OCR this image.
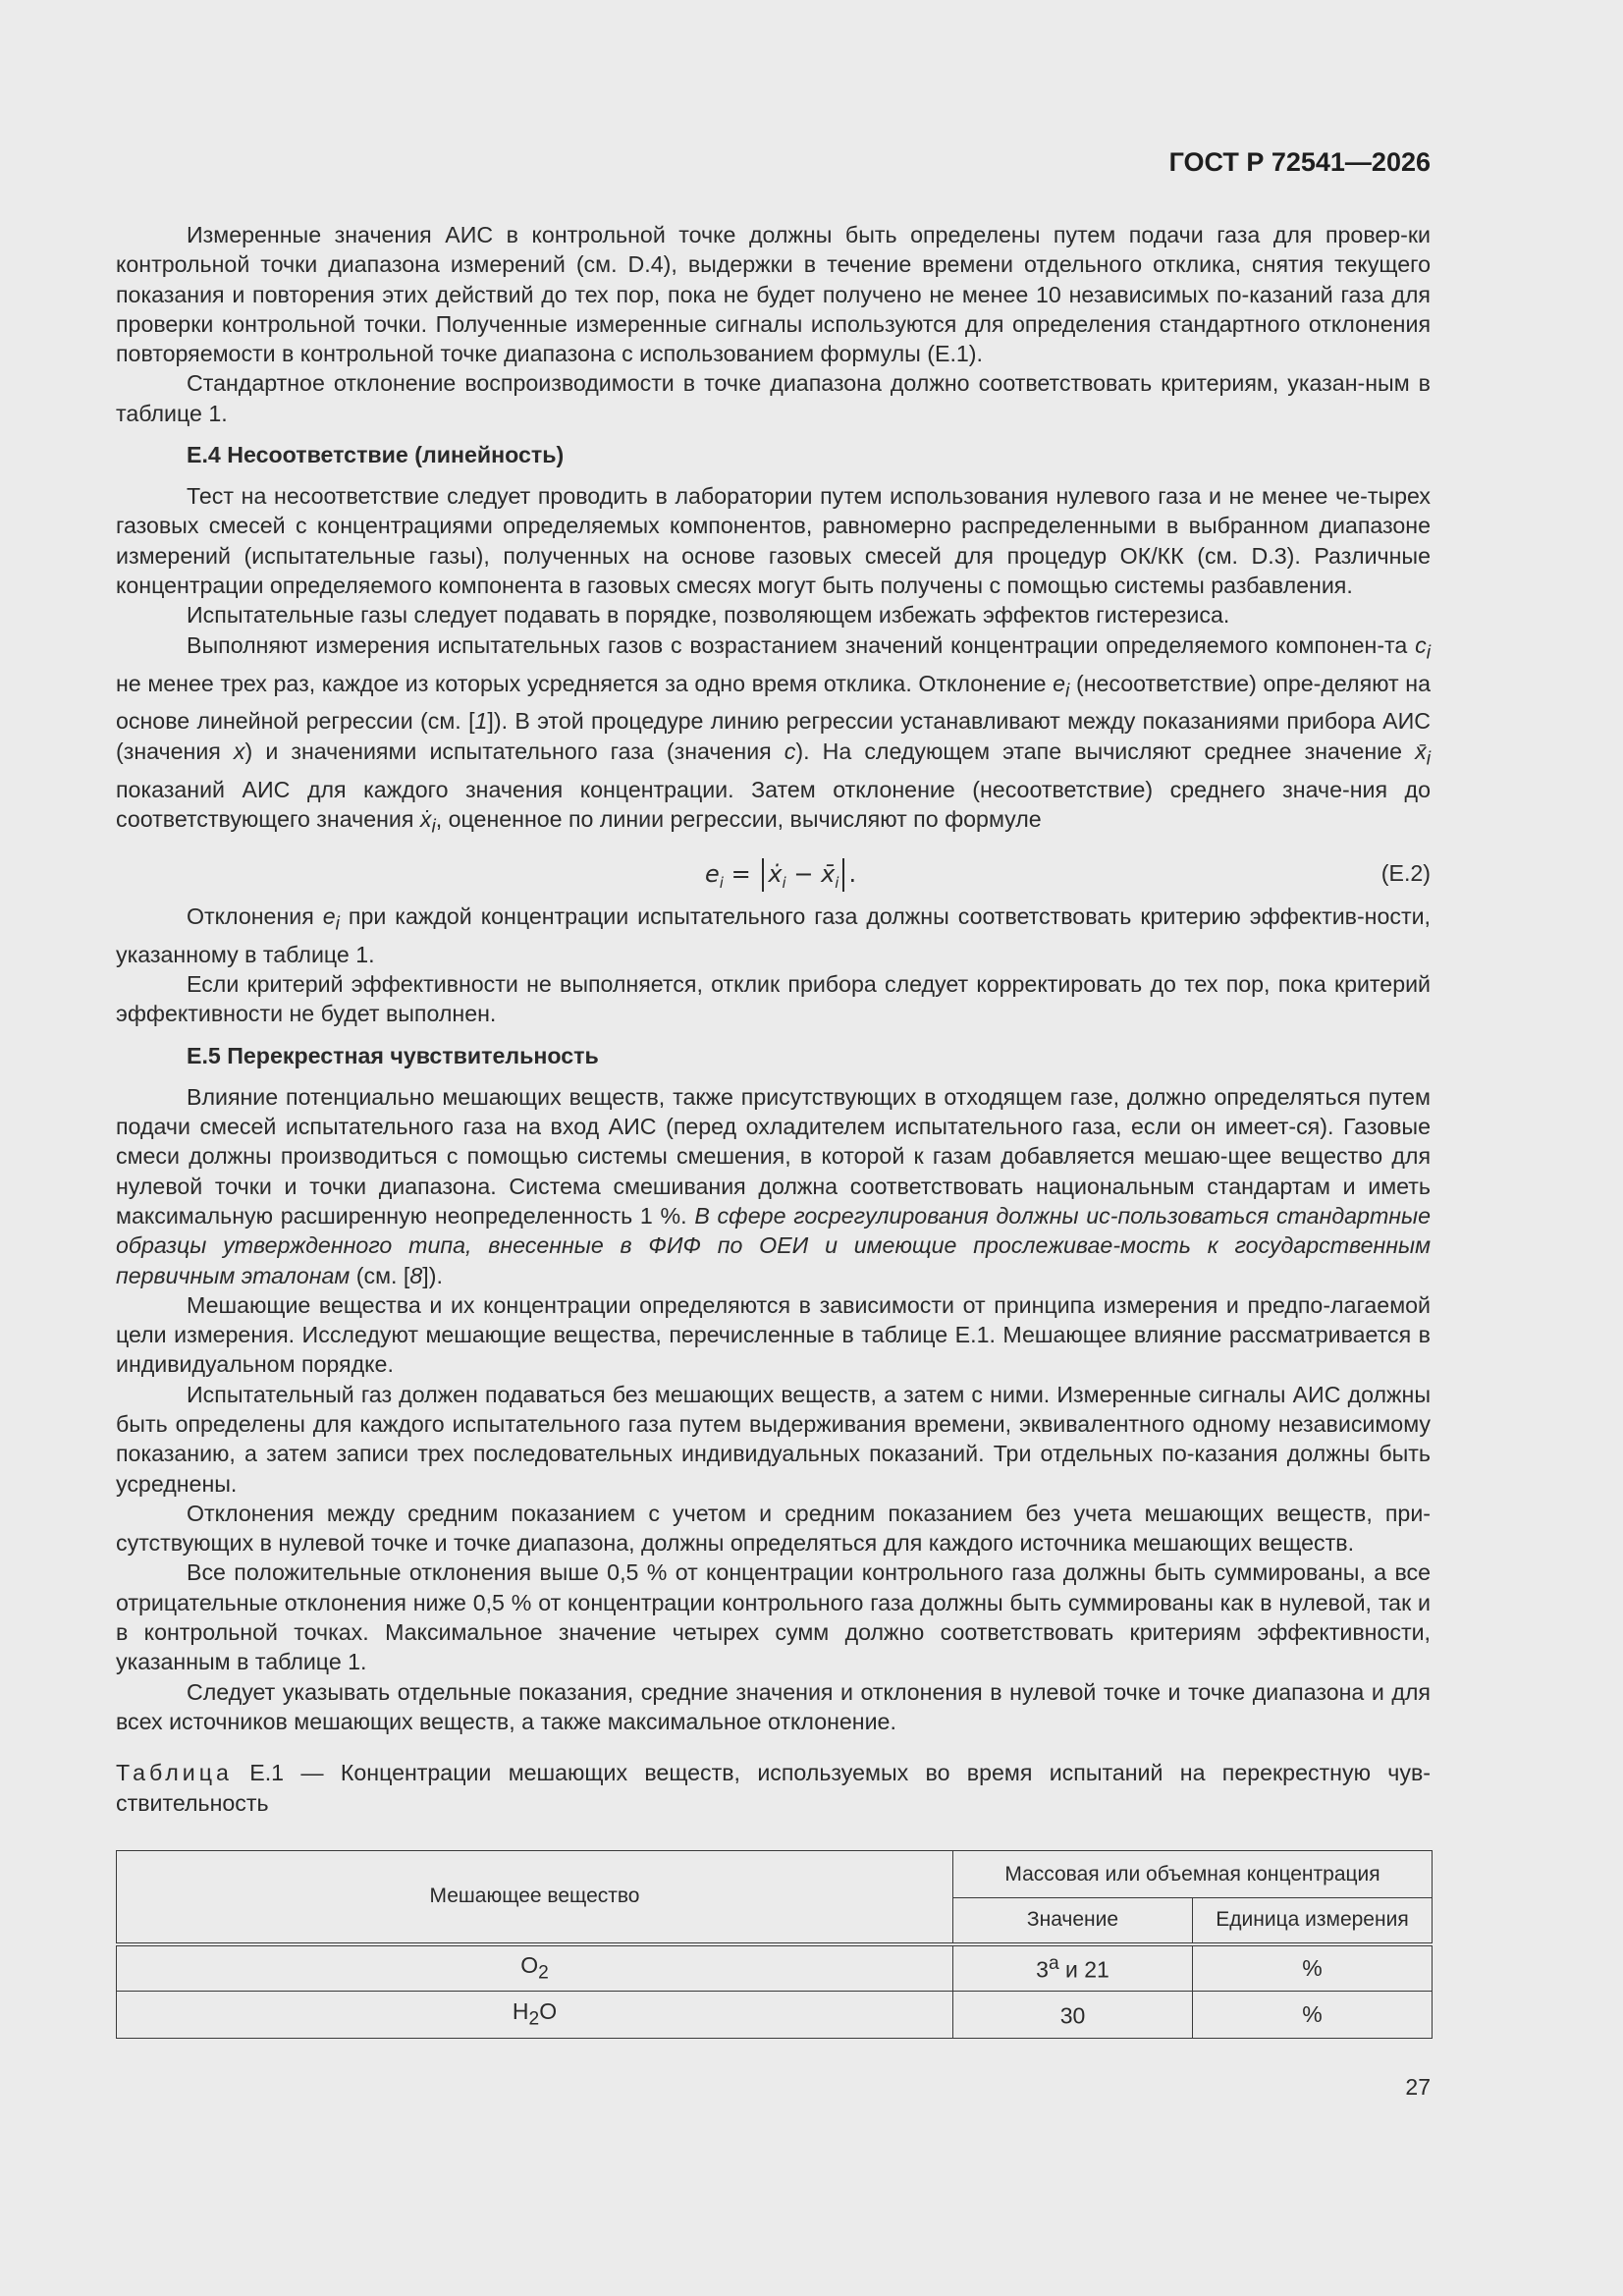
ГОСТ Р 72541—2026

Измеренные значения АИС в контрольной точке должны быть определены путем подачи газа для провер-ки контрольной точки диапазона измерений (см. D.4), выдержки в течение времени отдельного отклика, снятия текущего показания и повторения этих действий до тех пор, пока не будет получено не менее 10 независимых по-казаний газа для проверки контрольной точки. Полученные измеренные сигналы используются для определения стандартного отклонения повторяемости в контрольной точке диапазона с использованием формулы (Е.1).

Стандартное отклонение воспроизводимости в точке диапазона должно соответствовать критериям, указан-ным в таблице 1.

Е.4 Несоответствие (линейность)

Тест на несоответствие следует проводить в лаборатории путем использования нулевого газа и не менее че-тырех газовых смесей с концентрациями определяемых компонентов, равномерно распределенными в выбранном диапазоне измерений (испытательные газы), полученных на основе газовых смесей для процедур ОК/КК (см. D.3). Различные концентрации определяемого компонента в газовых смесях могут быть получены с помощью системы разбавления.

Испытательные газы следует подавать в порядке, позволяющем избежать эффектов гистерезиса.

Выполняют измерения испытательных газов с возрастанием значений концентрации определяемого компонен-та $c_i$ не менее трех раз, каждое из которых усредняется за одно время отклика. Отклонение $e_i$ (несоответствие) опре-деляют на основе линейной регрессии (см. [1]). В этой процедуре линию регрессии устанавливают между показаниями прибора АИС (значения x) и значениями испытательного газа (значения c). На следующем этапе вычисляют среднее значение $x̄_i$ показаний АИС для каждого значения концентрации. Затем отклонение (несоответствие) среднего значе-ния до соответствующего значения ẋ$_i$, оцененное по линии регрессии, вычисляют по формуле

$e_i$ = ẋ$_i$ − $x̄_i$ .	(Е.2)

Отклонения $e_i$ при каждой концентрации испытательного газа должны соответствовать критерию эффектив-ности, указанному в таблице 1.

Если критерий эффективности не выполняется, отклик прибора следует корректировать до тех пор, пока критерий эффективности не будет выполнен.

Е.5 Перекрестная чувствительность

Влияние потенциально мешающих веществ, также присутствующих в отходящем газе, должно определяться путем подачи смесей испытательного газа на вход АИС (перед охладителем испытательного газа, если он имеет-ся). Газовые смеси должны производиться с помощью системы смешения, в которой к газам добавляется мешаю-щее вещество для нулевой точки и точки диапазона. Система смешивания должна соответствовать национальным стандартам и иметь максимальную расширенную неопределенность 1 %. В сфере госрегулирования должны ис-пользоваться стандартные образцы утвержденного типа, внесенные в ФИФ по ОЕИ и имеющие прослеживае-мость к государственным первичным эталонам (см. [8]).

Мешающие вещества и их концентрации определяются в зависимости от принципа измерения и предпо-лагаемой цели измерения. Исследуют мешающие вещества, перечисленные в таблице Е.1. Мешающее влияние рассматривается в индивидуальном порядке.

Испытательный газ должен подаваться без мешающих веществ, а затем с ними. Измеренные сигналы АИС должны быть определены для каждого испытательного газа путем выдерживания времени, эквивалентного одному независимому показанию, а затем записи трех последовательных индивидуальных показаний. Три отдельных по-казания должны быть усреднены.

Отклонения между средним показанием с учетом и средним показанием без учета мешающих веществ, при-сутствующих в нулевой точке и точке диапазона, должны определяться для каждого источника мешающих веществ.

Все положительные отклонения выше 0,5 % от концентрации контрольного газа должны быть суммированы, а все отрицательные отклонения ниже 0,5 % от концентрации контрольного газа должны быть суммированы как в нулевой, так и в контрольной точках. Максимальное значение четырех сумм должно соответствовать критериям эффективности, указанным в таблице 1.

Следует указывать отдельные показания, средние значения и отклонения в нулевой точке и точке диапазона и для всех источников мешающих веществ, а также максимальное отклонение.

Таблица Е.1 — Концентрации мешающих веществ, используемых во время испытаний на перекрестную чув-ствительность
Мешающее вещество	Массовая или объемная концентрация	
	Значение	Единица измерения
$O_2$	$3^а$ и 21	%
$H_2O$	30	%
27
